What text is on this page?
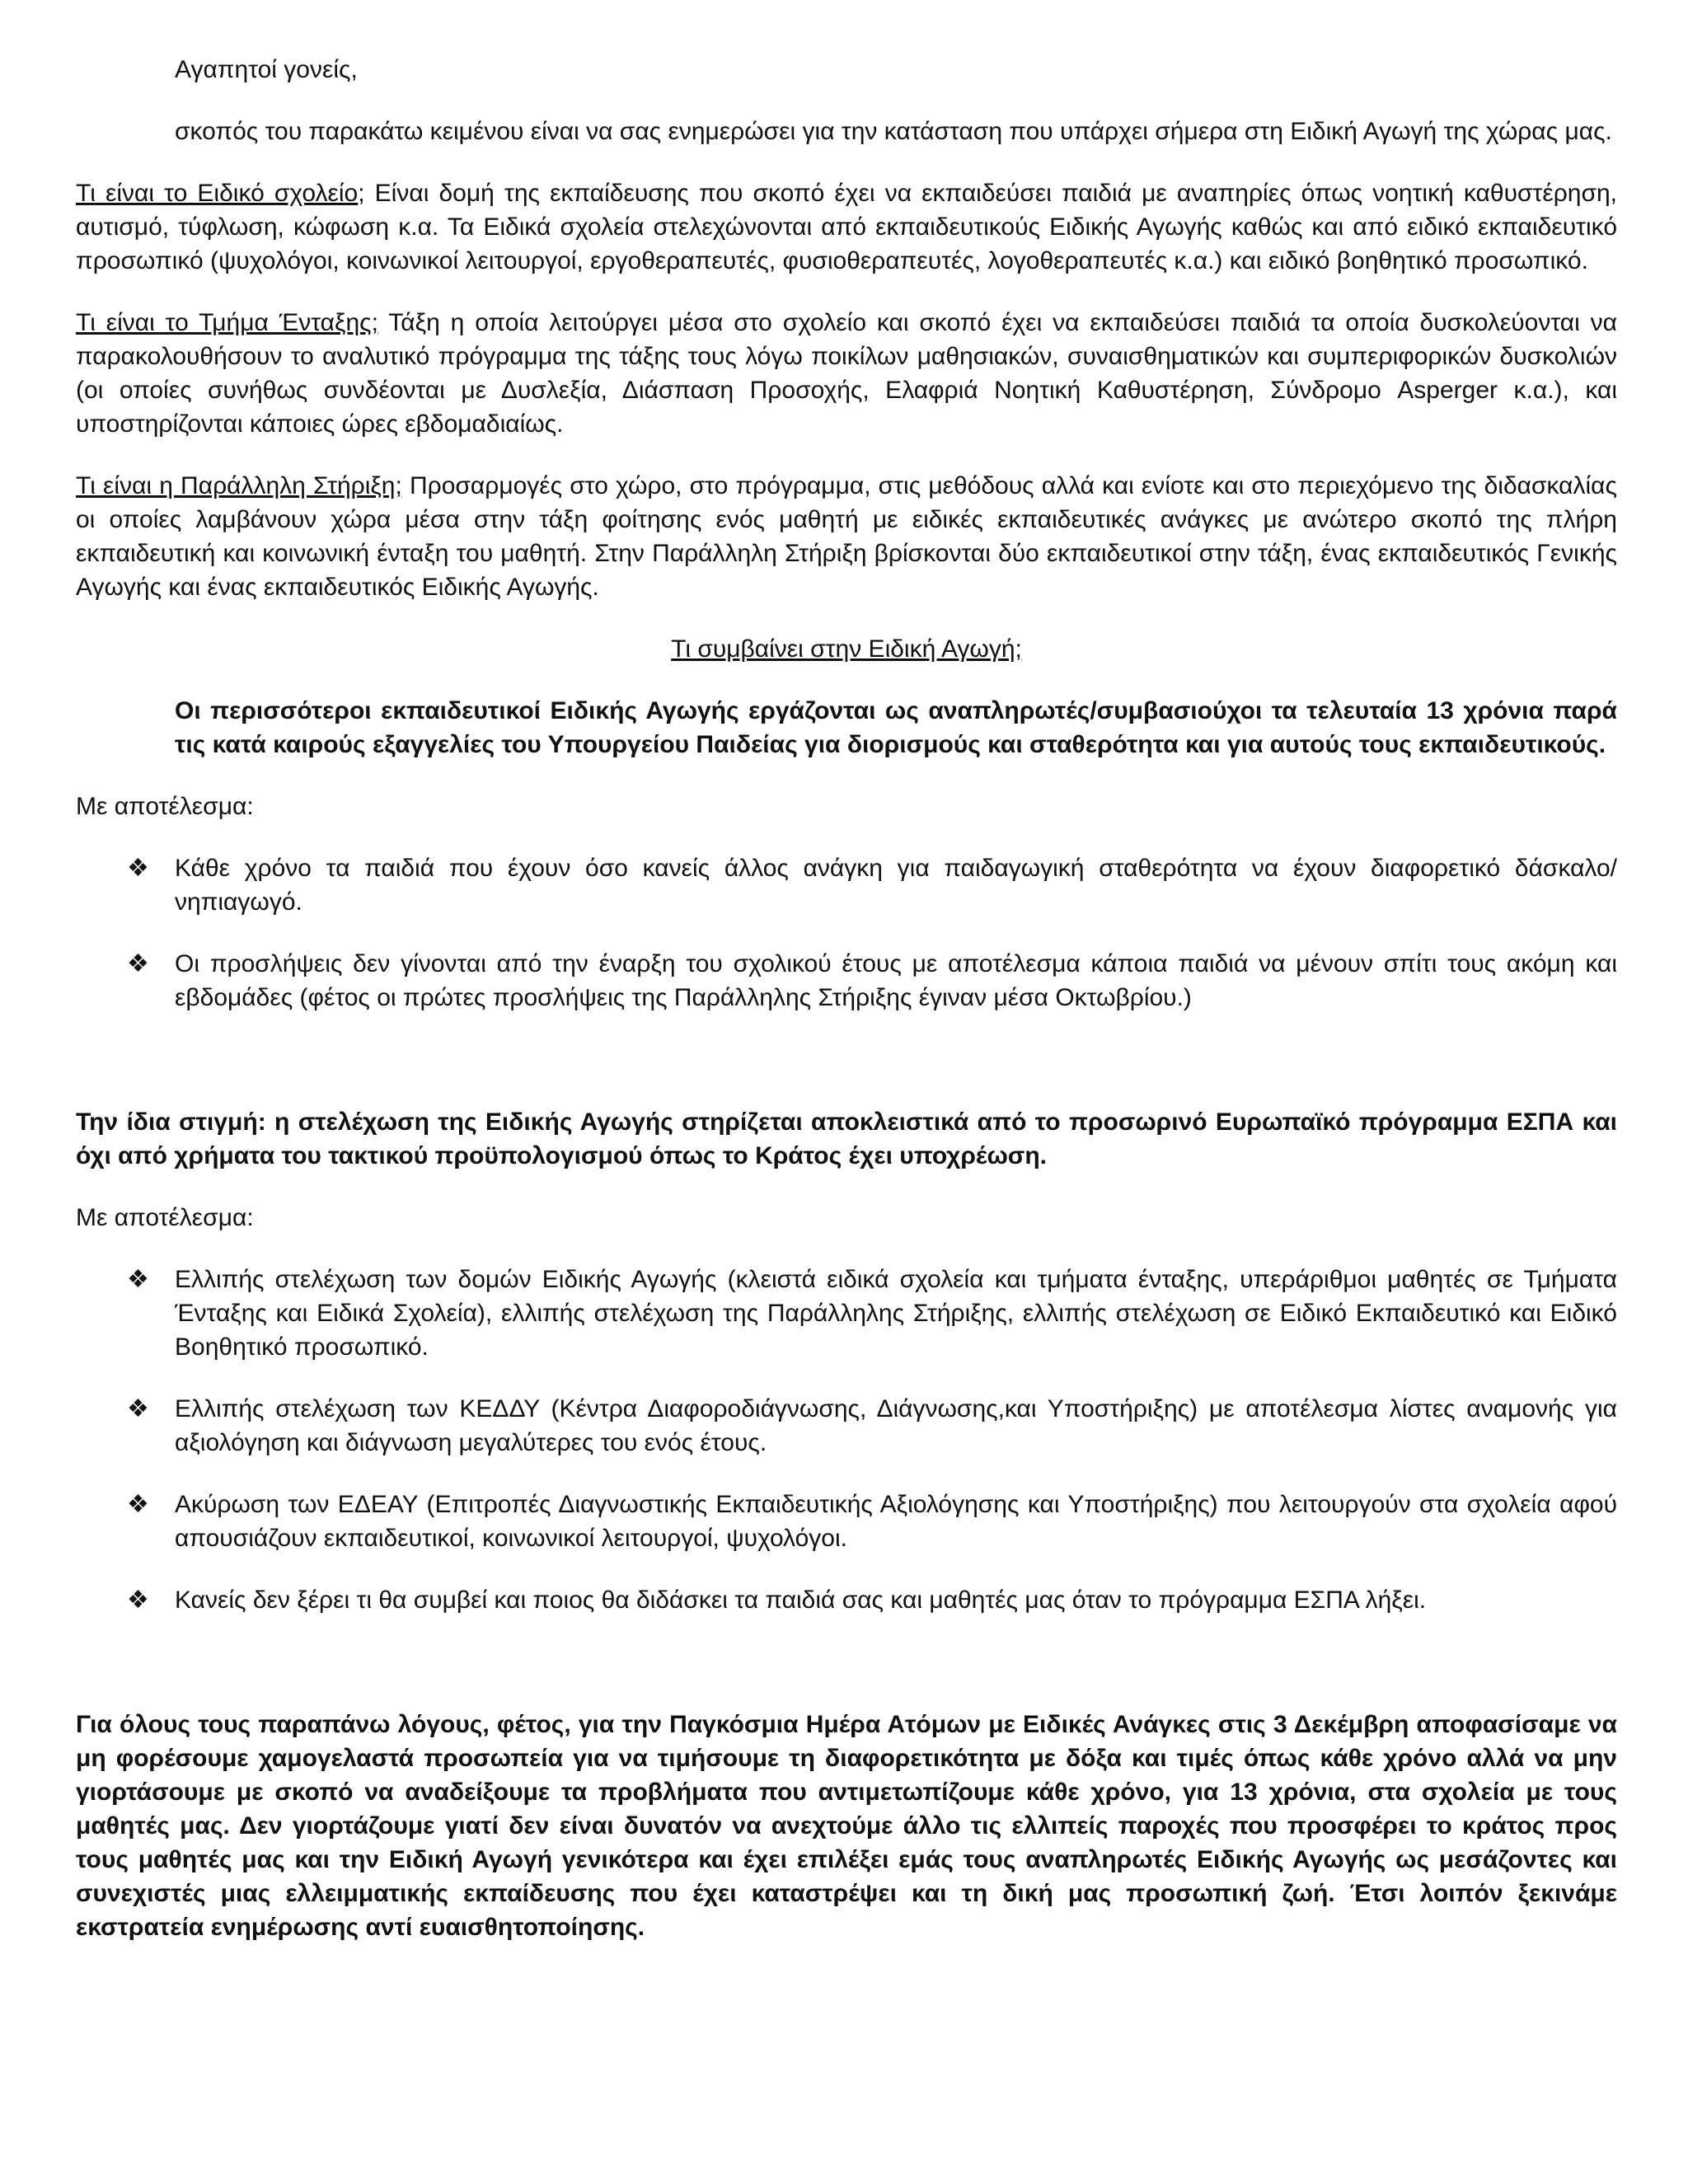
Αγαπητοί γονείς,

σκοπός του παρακάτω κειμένου είναι να σας ενημερώσει για την κατάσταση που υπάρχει σήμερα στη Ειδική Αγωγή της χώρας μας.

Τι είναι το Ειδικό σχολείο; Είναι δομή της εκπαίδευσης που σκοπό έχει να εκπαιδεύσει παιδιά με αναπηρίες όπως νοητική καθυστέρηση, αυτισμό, τύφλωση, κώφωση κ.α. Τα Ειδικά σχολεία στελεχώνονται από εκπαιδευτικούς Ειδικής Αγωγής καθώς και από ειδικό εκπαιδευτικό προσωπικό (ψυχολόγοι, κοινωνικοί λειτουργοί, εργοθεραπευτές, φυσιοθεραπευτές, λογοθεραπευτές κ.α.) και ειδικό βοηθητικό προσωπικό.

Τι είναι το Τμήμα Ένταξης; Τάξη η οποία λειτούργει μέσα στο σχολείο και σκοπό έχει να εκπαιδεύσει παιδιά τα οποία δυσκολεύονται να παρακολουθήσουν το αναλυτικό πρόγραμμα της τάξης τους λόγω ποικίλων μαθησιακών, συναισθηματικών και συμπεριφορικών δυσκολιών (οι οποίες συνήθως συνδέονται με Δυσλεξία, Διάσπαση Προσοχής, Ελαφριά Νοητική Καθυστέρηση, Σύνδρομο Asperger κ.α.), και υποστηρίζονται κάποιες ώρες εβδομαδιαίως.

Τι είναι η Παράλληλη Στήριξη; Προσαρμογές στο χώρο, στο πρόγραμμα, στις μεθόδους αλλά και ενίοτε και στο περιεχόμενο της διδασκαλίας οι οποίες λαμβάνουν χώρα μέσα στην τάξη φοίτησης ενός μαθητή με ειδικές εκπαιδευτικές ανάγκες με ανώτερο σκοπό της πλήρη εκπαιδευτική και κοινωνική ένταξη του μαθητή. Στην Παράλληλη Στήριξη βρίσκονται δύο εκπαιδευτικοί στην τάξη, ένας εκπαιδευτικός Γενικής Αγωγής και ένας εκπαιδευτικός Ειδικής Αγωγής.

Τι συμβαίνει στην Ειδική Αγωγή;

Οι περισσότεροι εκπαιδευτικοί Ειδικής Αγωγής εργάζονται ως αναπληρωτές/συμβασιούχοι τα τελευταία 13 χρόνια παρά τις κατά καιρούς εξαγγελίες του Υπουργείου Παιδείας για διορισμούς και σταθερότητα και για αυτούς τους εκπαιδευτικούς.

Με αποτέλεσμα:

❖	Κάθε χρόνο τα παιδιά που έχουν όσο κανείς άλλος ανάγκη για παιδαγωγική σταθερότητα να έχουν διαφορετικό δάσκαλο/νηπιαγωγό.
❖	Οι προσλήψεις δεν γίνονται από την έναρξη του σχολικού έτους με αποτέλεσμα κάποια παιδιά να μένουν σπίτι τους ακόμη και εβδομάδες (φέτος οι πρώτες προσλήψεις της Παράλληλης Στήριξης έγιναν μέσα Οκτωβρίου.)

Την ίδια στιγμή: η στελέχωση της Ειδικής Αγωγής στηρίζεται αποκλειστικά από το προσωρινό Ευρωπαϊκό πρόγραμμα ΕΣΠΑ και όχι από χρήματα του τακτικού προϋπολογισμού όπως το Κράτος έχει υποχρέωση.

Με αποτέλεσμα:

❖	Ελλιπής στελέχωση των δομών Ειδικής Αγωγής (κλειστά ειδικά σχολεία και τμήματα ένταξης, υπεράριθμοι μαθητές σε Τμήματα Ένταξης και Ειδικά Σχολεία), ελλιπής στελέχωση της Παράλληλης Στήριξης, ελλιπής στελέχωση σε Ειδικό Εκπαιδευτικό και Ειδικό Βοηθητικό προσωπικό.
❖	Ελλιπής στελέχωση των ΚΕΔΔΥ (Κέντρα Διαφοροδιάγνωσης, Διάγνωσης,και Υποστήριξης) με αποτέλεσμα λίστες αναμονής για αξιολόγηση και διάγνωση μεγαλύτερες του ενός έτους.
❖	Ακύρωση των ΕΔΕΑΥ (Επιτροπές Διαγνωστικής Εκπαιδευτικής Αξιολόγησης και Υποστήριξης) που λειτουργούν στα σχολεία αφού απουσιάζουν εκπαιδευτικοί, κοινωνικοί λειτουργοί, ψυχολόγοι.
❖	Κανείς δεν ξέρει τι θα συμβεί και ποιος θα διδάσκει τα παιδιά σας και μαθητές μας όταν το πρόγραμμα ΕΣΠΑ λήξει.

Για όλους τους παραπάνω λόγους, φέτος, για την Παγκόσμια Ημέρα Ατόμων με Ειδικές Ανάγκες στις 3 Δεκέμβρη αποφασίσαμε να μη φορέσουμε χαμογελαστά προσωπεία για να τιμήσουμε τη διαφορετικότητα με δόξα και τιμές όπως κάθε χρόνο αλλά να μην γιορτάσουμε με σκοπό να αναδείξουμε τα προβλήματα που αντιμετωπίζουμε κάθε χρόνο, για 13 χρόνια, στα σχολεία με τους μαθητές μας. Δεν γιορτάζουμε γιατί δεν είναι δυνατόν να ανεχτούμε άλλο τις ελλιπείς παροχές που προσφέρει το κράτος προς τους μαθητές μας και την Ειδική Αγωγή γενικότερα και έχει επιλέξει εμάς τους αναπληρωτές Ειδικής Αγωγής ως μεσάζοντες και συνεχιστές μιας ελλειμματικής εκπαίδευσης που έχει καταστρέψει και τη δική μας προσωπική ζωή. Έτσι λοιπόν ξεκινάμε εκστρατεία ενημέρωσης αντί ευαισθητοποίησης.
